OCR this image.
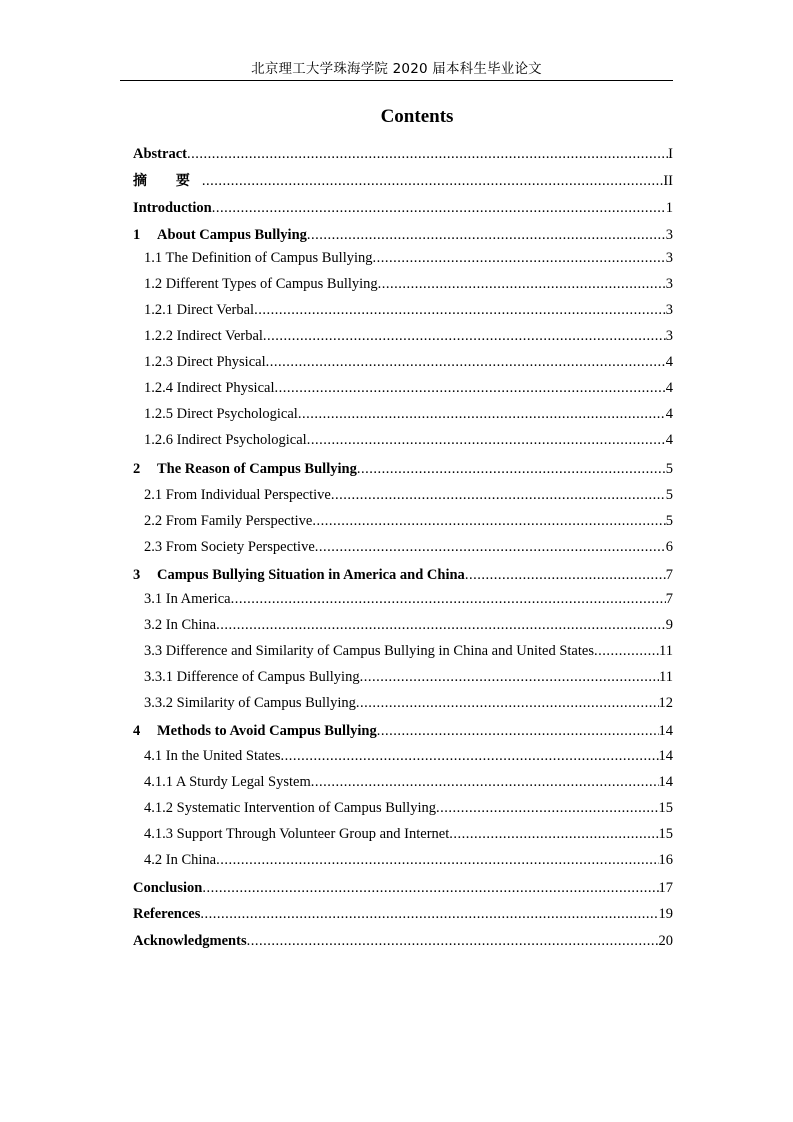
北京理工大学珠海学院 2020 届本科生毕业论文
Contents
Abstract .....	I
摘 要 .....	II
Introduction .....	1
1 About Campus Bullying .....	3
1.1 The Definition of Campus Bullying .....	3
1.2 Different Types of Campus Bullying .....	3
1.2.1 Direct Verbal .....	3
1.2.2 Indirect Verbal .....	3
1.2.3 Direct Physical .....	4
1.2.4 Indirect Physical .....	4
1.2.5 Direct Psychological .....	4
1.2.6 Indirect Psychological .....	4
2 The Reason of Campus Bullying .....	5
2.1 From Individual Perspective .....	5
2.2 From Family Perspective .....	5
2.3 From Society Perspective .....	6
3 Campus Bullying Situation in America and China .....	7
3.1 In America .....	7
3.2 In China .....	9
3.3 Difference and Similarity of Campus Bullying in China and United States .....	11
3.3.1 Difference of Campus Bullying .....	11
3.3.2 Similarity of Campus Bullying .....	12
4 Methods to Avoid Campus Bullying .....	14
4.1 In the United States .....	14
4.1.1 A Sturdy Legal System .....	14
4.1.2 Systematic Intervention of Campus Bullying .....	15
4.1.3 Support Through Volunteer Group and Internet .....	15
4.2 In China .....	16
Conclusion .....	17
References .....	19
Acknowledgments .....	20
